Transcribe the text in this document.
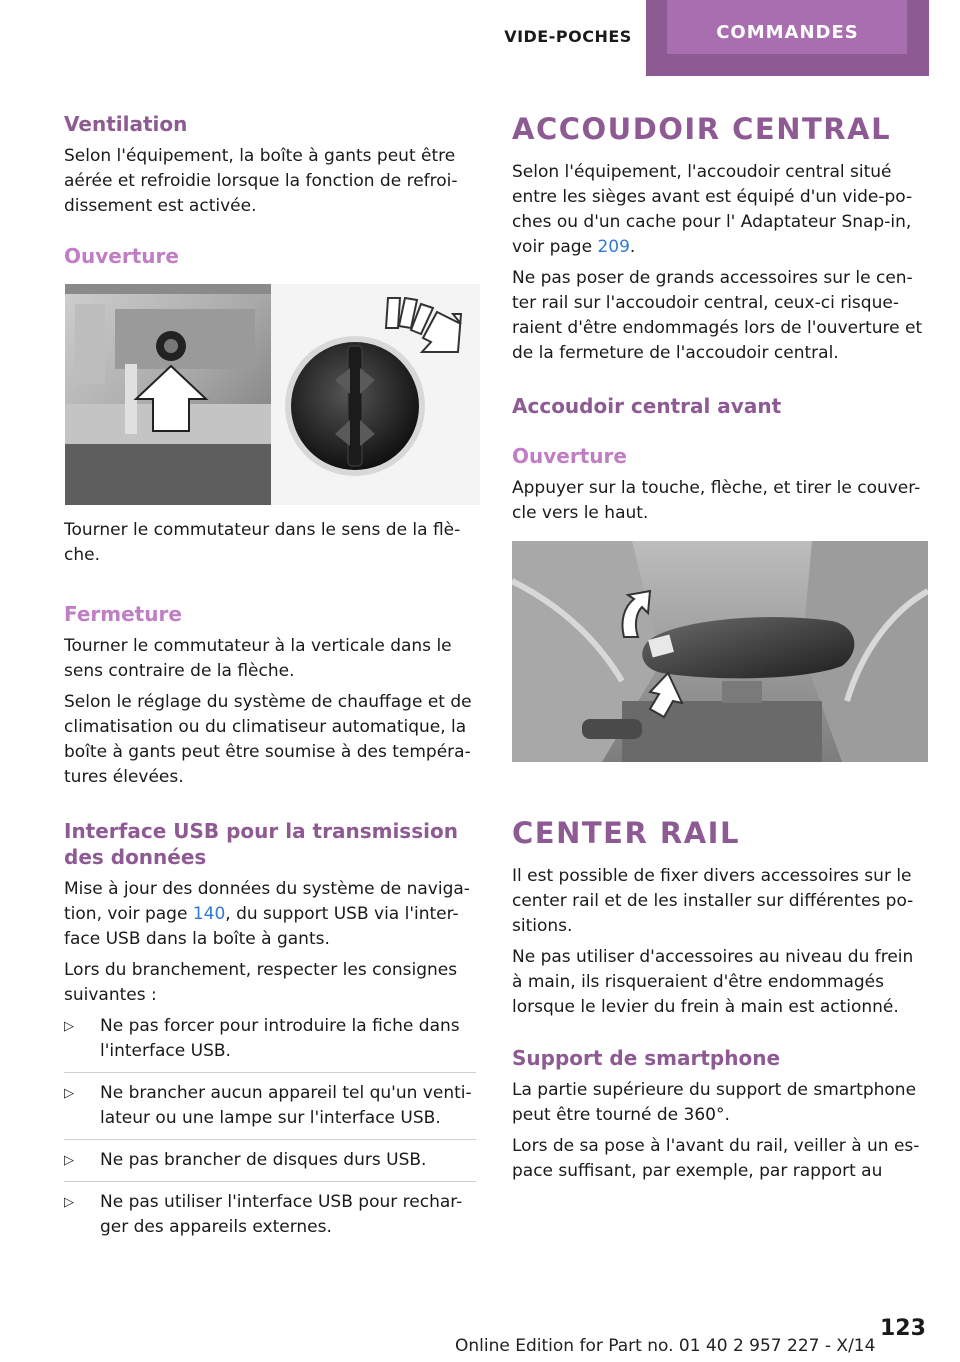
VIDE-POCHES	COMMANDES
Ventilation

Selon l'équipement, la boîte à gants peut être aérée et refroidie lorsque la fonction de refroi-dissement est activée.

Ouverture

Tourner le commutateur dans le sens de la flè-che.

Fermeture

Tourner le commutateur à la verticale dans le sens contraire de la flèche.

Selon le réglage du système de chauffage et de climatisation ou du climatiseur automatique, la boîte à gants peut être soumise à des tempéra-tures élevées.

Interface USB pour la transmission des données

Mise à jour des données du système de naviga-tion, voir page 140, du support USB via l'inter-face USB dans la boîte à gants.

Lors du branchement, respecter les consignes suivantes :

▷ Ne pas forcer pour introduire la fiche dans l'interface USB.
▷ Ne brancher aucun appareil tel qu'un venti-lateur ou une lampe sur l'interface USB.
▷ Ne pas brancher de disques durs USB.
▷ Ne pas utiliser l'interface USB pour rechar-ger des appareils externes.
ACCOUDOIR CENTRAL

Selon l'équipement, l'accoudoir central situé entre les sièges avant est équipé d'un vide-po-ches ou d'un cache pour l' Adaptateur Snap-in, voir page 209.

Ne pas poser de grands accessoires sur le cen-ter rail sur l'accoudoir central, ceux-ci risque-raient d'être endommagés lors de l'ouverture et de la fermeture de l'accoudoir central.

Accoudoir central avant
Ouverture

Appuyer sur la touche, flèche, et tirer le couver-cle vers le haut.

CENTER RAIL

Il est possible de fixer divers accessoires sur le center rail et de les installer sur différentes po-sitions.

Ne pas utiliser d'accessoires au niveau du frein à main, ils risqueraient d'être endommagés lorsque le levier du frein à main est actionné.

Support de smartphone

La partie supérieure du support de smartphone peut être tourné de 360°.

Lors de sa pose à l'avant du rail, veiller à un es-pace suffisant, par exemple, par rapport au

123
Online Edition for Part no. 01 40 2 957 227 - X/14
